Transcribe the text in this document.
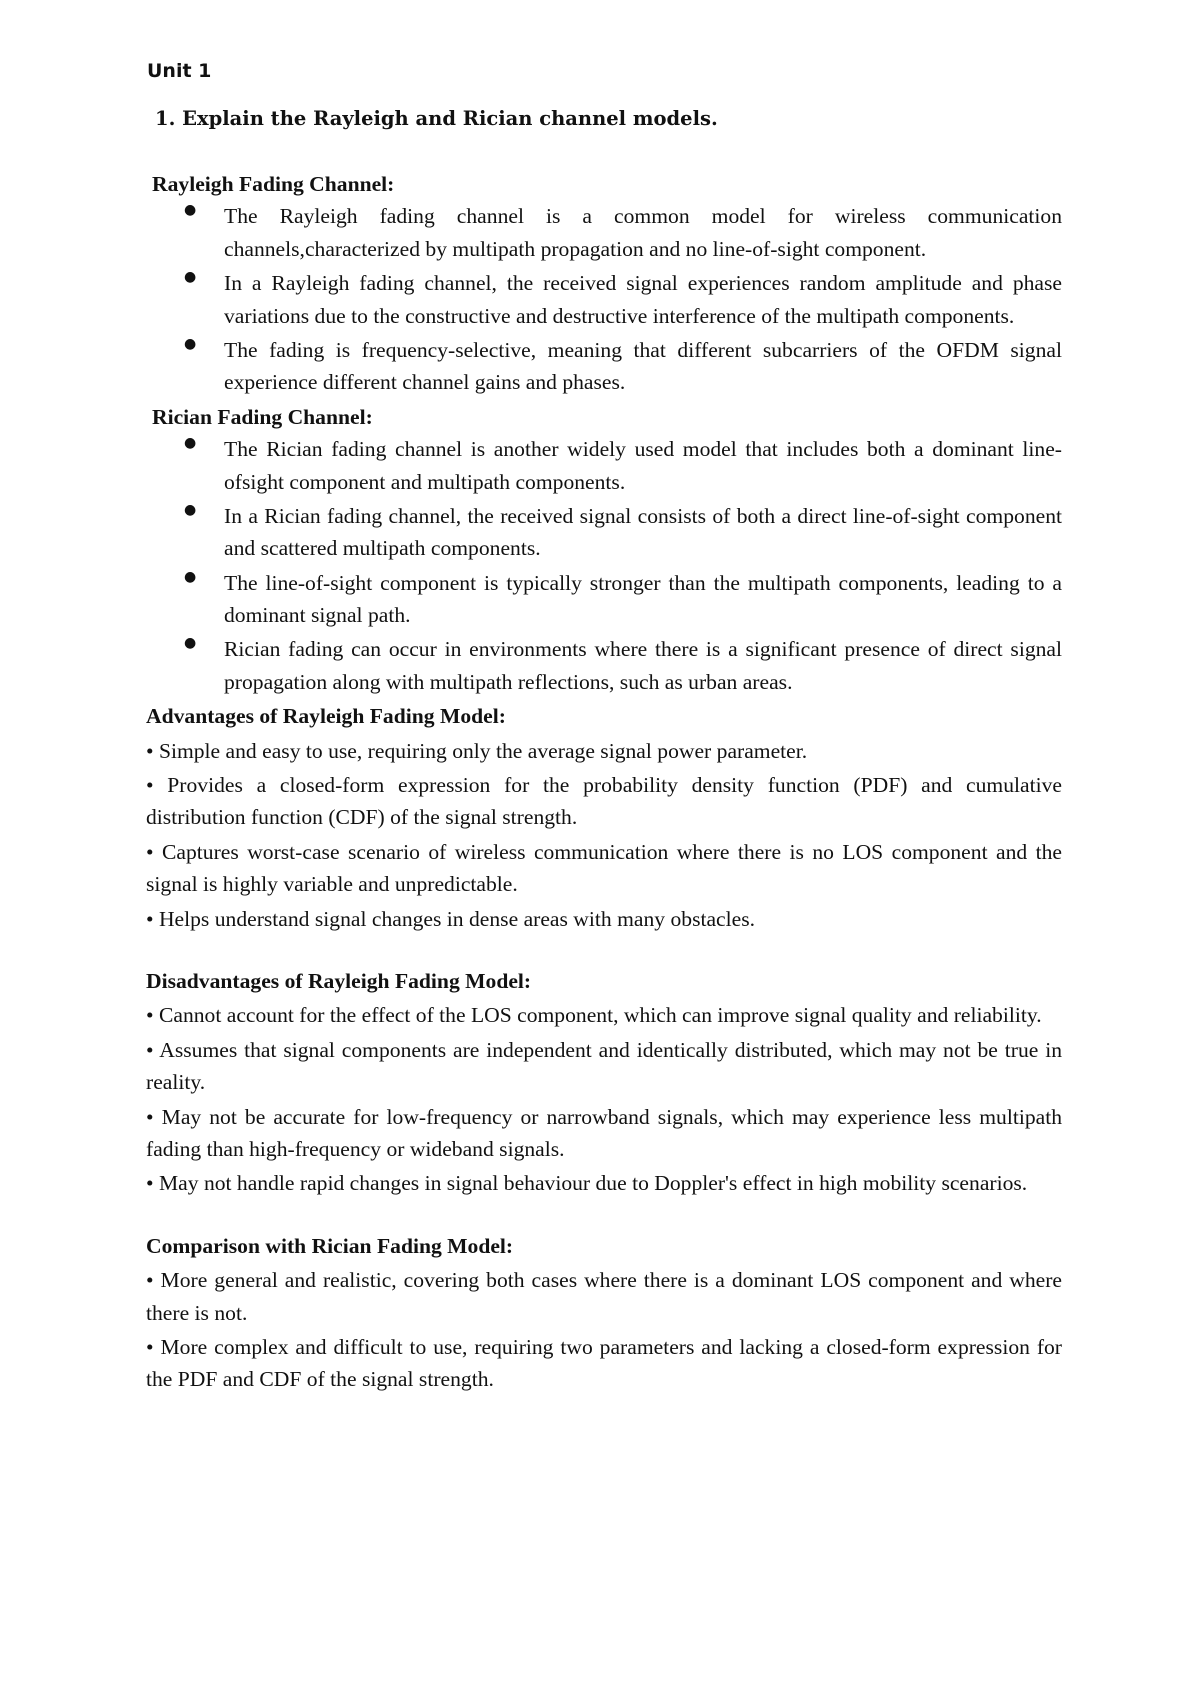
Unit 1
1. Explain the Rayleigh and Rician channel models.

Rayleigh Fading Channel:

● The Rayleigh fading channel is a common model for wireless communication channels,characterized by multipath propagation and no line-of-sight component.
● In a Rayleigh fading channel, the received signal experiences random amplitude and phase variations due to the constructive and destructive interference of the multipath components.
● The fading is frequency-selective, meaning that different subcarriers of the OFDM signal experience different channel gains and phases.

Rician Fading Channel:

● The Rician fading channel is another widely used model that includes both a dominant line-ofsight component and multipath components.
● In a Rician fading channel, the received signal consists of both a direct line-of-sight component and scattered multipath components.
● The line-of-sight component is typically stronger than the multipath components, leading to a dominant signal path.
● Rician fading can occur in environments where there is a significant presence of direct signal propagation along with multipath reflections, such as urban areas.

Advantages of Rayleigh Fading Model:

• Simple and easy to use, requiring only the average signal power parameter.

• Provides a closed-form expression for the probability density function (PDF) and cumulative distribution function (CDF) of the signal strength.

• Captures worst-case scenario of wireless communication where there is no LOS component and the signal is highly variable and unpredictable.

• Helps understand signal changes in dense areas with many obstacles.

Disadvantages of Rayleigh Fading Model:

• Cannot account for the effect of the LOS component, which can improve signal quality and reliability.

• Assumes that signal components are independent and identically distributed, which may not be true in reality.

• May not be accurate for low-frequency or narrowband signals, which may experience less multipath fading than high-frequency or wideband signals.

• May not handle rapid changes in signal behaviour due to Doppler's effect in high mobility scenarios.

Comparison with Rician Fading Model:

• More general and realistic, covering both cases where there is a dominant LOS component and where there is not.

• More complex and difficult to use, requiring two parameters and lacking a closed-form expression for the PDF and CDF of the signal strength.
